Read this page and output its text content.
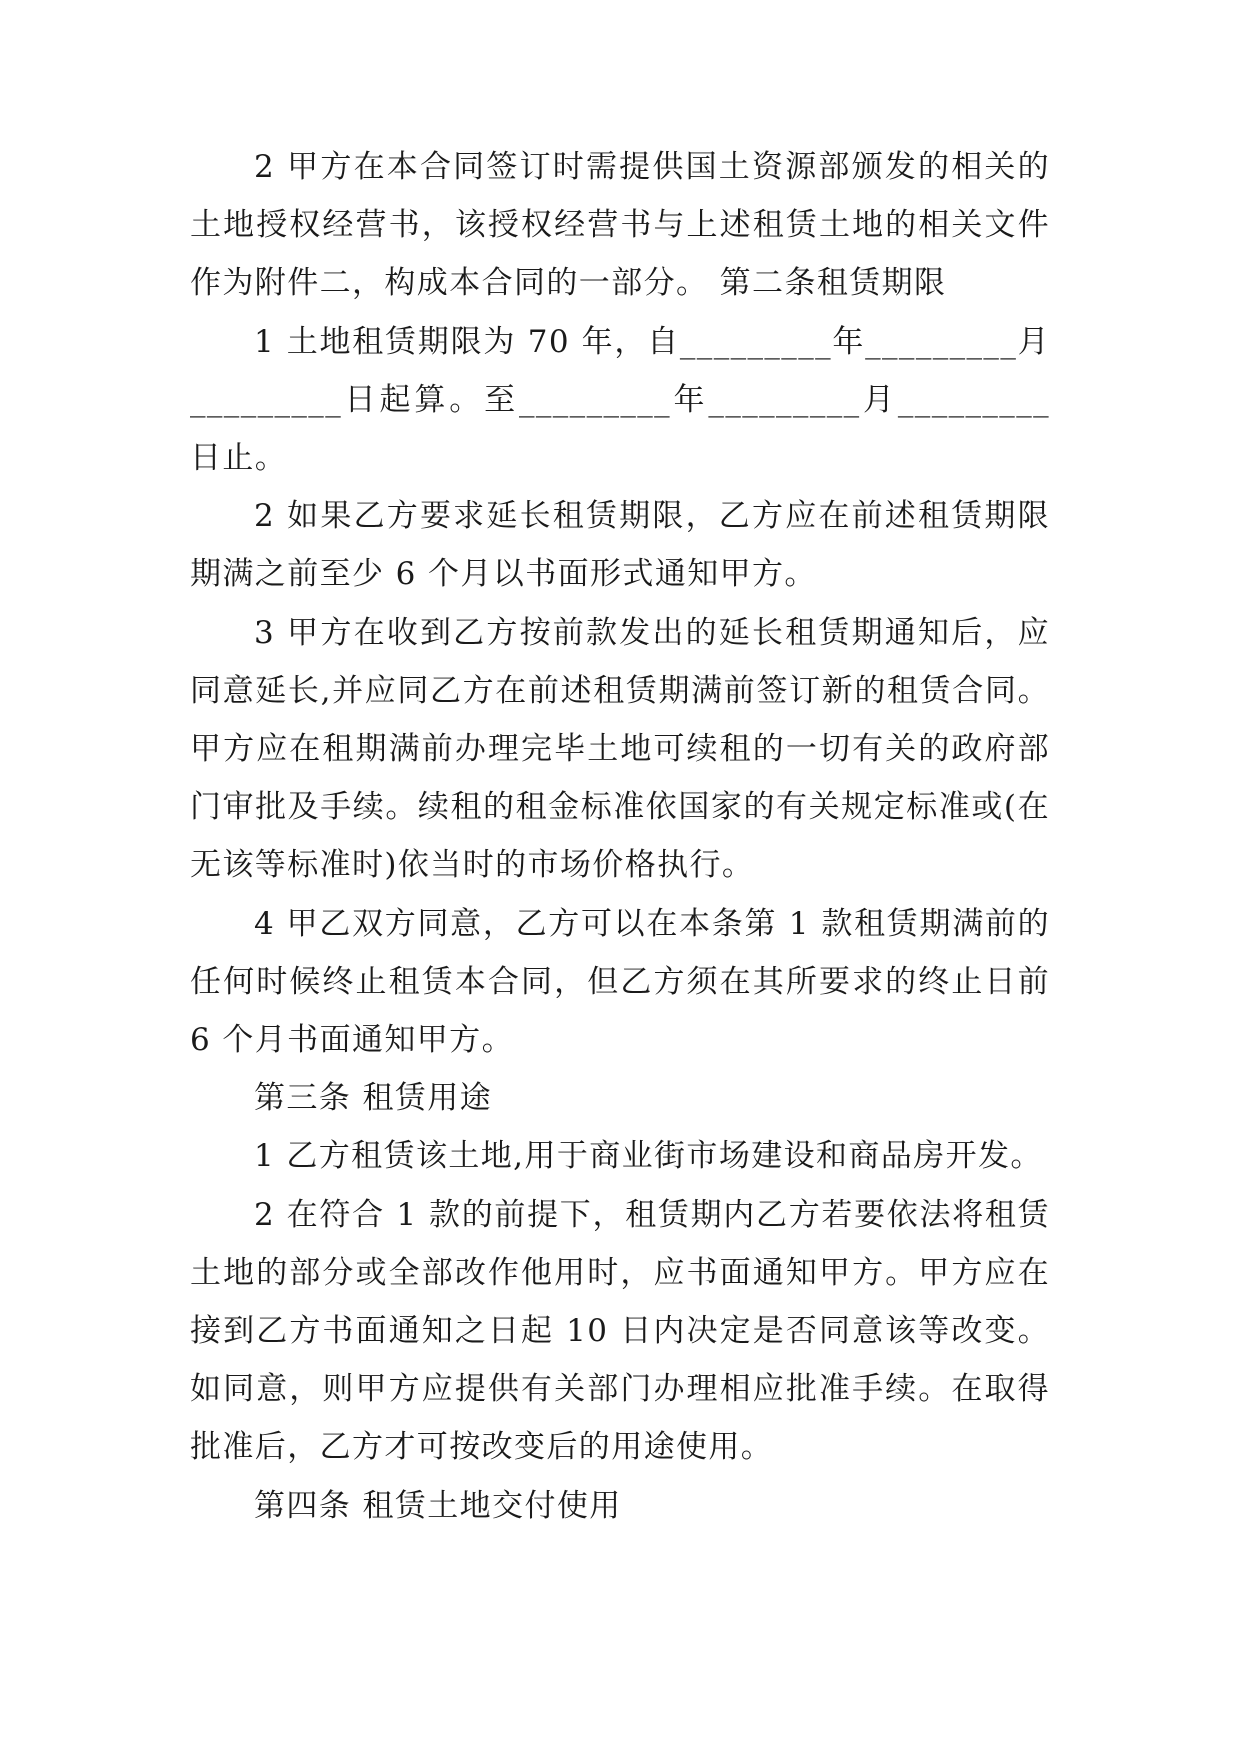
2 甲方在本合同签订时需提供国土资源部颁发的相关的土地授权经营书，该授权经营书与上述租赁土地的相关文件作为附件二，构成本合同的一部分。 第二条租赁期限

1 土地租赁期限为 70 年，自_________年_________月_________日起算。至_________年_________月_________日止。

2 如果乙方要求延长租赁期限，乙方应在前述租赁期限期满之前至少 6 个月以书面形式通知甲方。

3 甲方在收到乙方按前款发出的延长租赁期通知后，应同意延长,并应同乙方在前述租赁期满前签订新的租赁合同。甲方应在租期满前办理完毕土地可续租的一切有关的政府部门审批及手续。续租的租金标准依国家的有关规定标准或(在无该等标准时)依当时的市场价格执行。

4 甲乙双方同意，乙方可以在本条第 1 款租赁期满前的任何时候终止租赁本合同，但乙方须在其所要求的终止日前 6 个月书面通知甲方。

第三条 租赁用途

1 乙方租赁该土地,用于商业街市场建设和商品房开发。

2 在符合 1 款的前提下，租赁期内乙方若要依法将租赁土地的部分或全部改作他用时，应书面通知甲方。甲方应在接到乙方书面通知之日起 10 日内决定是否同意该等改变。如同意，则甲方应提供有关部门办理相应批准手续。在取得批准后，乙方才可按改变后的用途使用。

第四条 租赁土地交付使用
